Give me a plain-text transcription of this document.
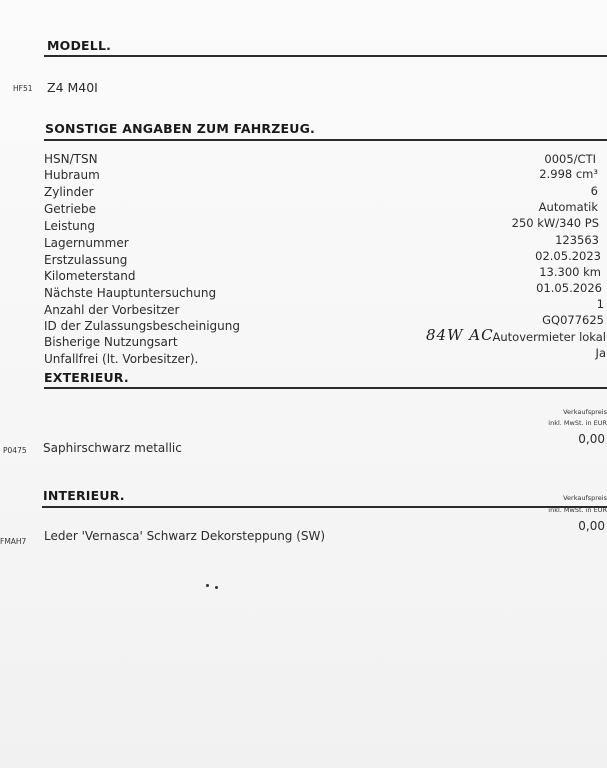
MODELL.
HF51 Z4 M40I
SONSTIGE ANGABEN ZUM FAHRZEUG.
HSN/TSN	0005/CTI
Hubraum	2.998 cm³
Zylinder	6
Getriebe	Automatik
Leistung	250 kW/340 PS
Lagernummer	123563
Erstzulassung	02.05.2023
Kilometerstand	13.300 km
Nächste Hauptuntersuchung	01.05.2026
Anzahl der Vorbesitzer	1
ID der Zulassungsbescheinigung	GQ077625
Bisherige Nutzungsart	Autovermieter lokal
Unfallfrei (lt. Vorbesitzer).	Ja
84W AC
EXTERIEUR.
Verkaufspreis
inkl. MwSt. in EUR
P0475 Saphirschwarz metallic
0,00
INTERIEUR.	Verkaufspreis
inkl. MwSt. in EUR
FMAH7 Leder 'Vernasca' Schwarz Dekorsteppung (SW)
0,00
